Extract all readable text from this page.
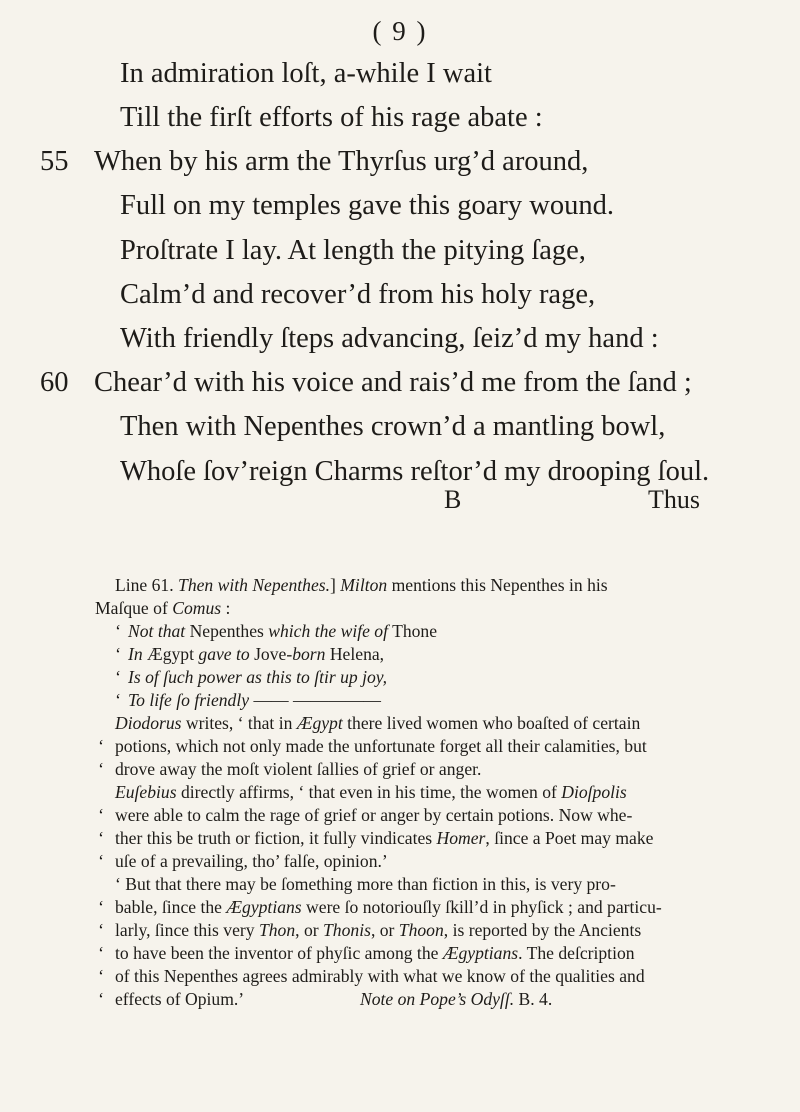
( 9 )
In admiration loſt, a-while I wait
Till the firſt efforts of his rage abate :
55 When by his arm the Thyrſus urg’d around,
Full on my temples gave this goary wound.
Proſtrate I lay. At length the pitying ſage,
Calm’d and recover’d from his holy rage,
With friendly ſteps advancing, ſeiz’d my hand :
60 Chear’d with his voice and rais’d me from the ſand ;
Then with Nepenthes crown’d a mantling bowl,
Whoſe ſov’reign Charms reſtor’d my drooping ſoul.
B	Thus
Line 61. Then with Nepenthes.] Milton mentions this Nepenthes in his
Maſque of Comus :
‘ Not that Nepenthes which the wife of Thone
‘ In Ægypt gave to Jove-born Helena,
‘ Is of ſuch power as this to ſtir up joy,
‘ To life ſo friendly —— —————
Diodorus writes, ‘ that in Ægypt there lived women who boaſted of certain
‘ potions, which not only made the unfortunate forget all their calamities, but
‘ drove away the moſt violent ſallies of grief or anger.
Euſebius directly affirms, ‘ that even in his time, the women of Dioſpolis
‘ were able to calm the rage of grief or anger by certain potions. Now whe-
‘ ther this be truth or fiction, it fully vindicates Homer, ſince a Poet may make
‘ uſe of a prevailing, tho’ falſe, opinion.’
‘ But that there may be ſomething more than fiction in this, is very pro-
‘ bable, ſince the Ægyptians were ſo notoriouſly ſkill’d in phyſick ; and particu-
‘ larly, ſince this very Thon, or Thonis, or Thoon, is reported by the Ancients
‘ to have been the inventor of phyſic among the Ægyptians. The deſcription
‘ of this Nepenthes agrees admirably with what we know of the qualities and
‘ effects of Opium.’	Note on Pope’s Odyſſ. B. 4.
